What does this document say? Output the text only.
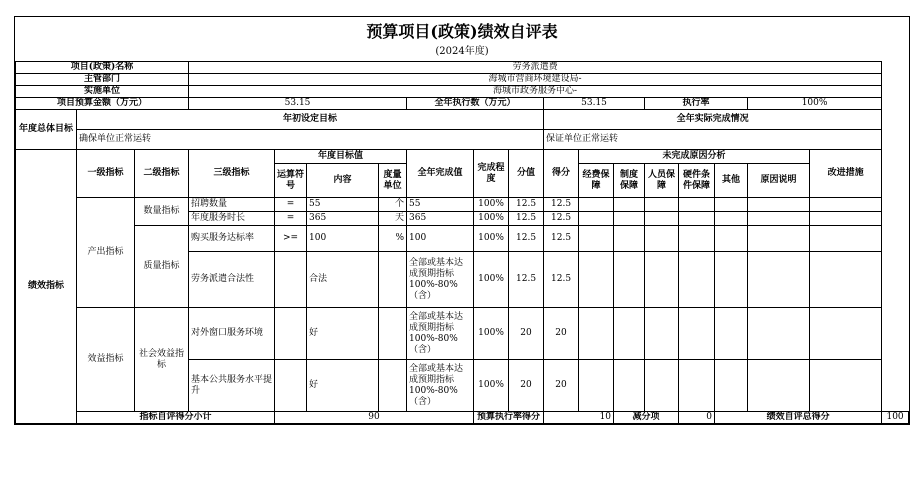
预算项目(政策)绩效自评表
(2024年度)
项目(政策)名称			劳务派遣费															
主管部门			海城市营商环境建设局-															
实施单位			海城市政务服务中心-															
项目预算金额（万元）			53.15				全年执行数（万元）			53.15			执行率			100%		
年度总体目标	年初设定目标									全年实际完成情况								
	确保单位正常运转									保证单位正常运转								
绩效指标	一级指标	二级指标	三级指标	年度目标值			全年完成值	完成程度	分值	得分	未完成原因分析						改进措施	
				运算符号	内容	度量单位					经费保障	制度保障	人员保障	硬件条件保障	其他	原因说明		
	产出指标	数量指标	招聘数量	=	55	个	55	100%	12.5	12.5								
			年度服务时长	=	365	天	365	100%	12.5	12.5								
		质量指标	购买服务达标率	>=	100	%	100	100%	12.5	12.5								
			劳务派遣合法性		合法		全部或基本达成预期指标100%-80%（含）	100%	12.5	12.5								
	效益指标	社会效益指标	对外窗口服务环境		好		全部或基本达成预期指标100%-80%（含）	100%	20	20								
			基本公共服务水平提升		好		全部或基本达成预期指标100%-80%（含）	100%	20	20								
	指标自评得分小计			90				预算执行率得分		10		减分项		0	绩效自评总得分			100
